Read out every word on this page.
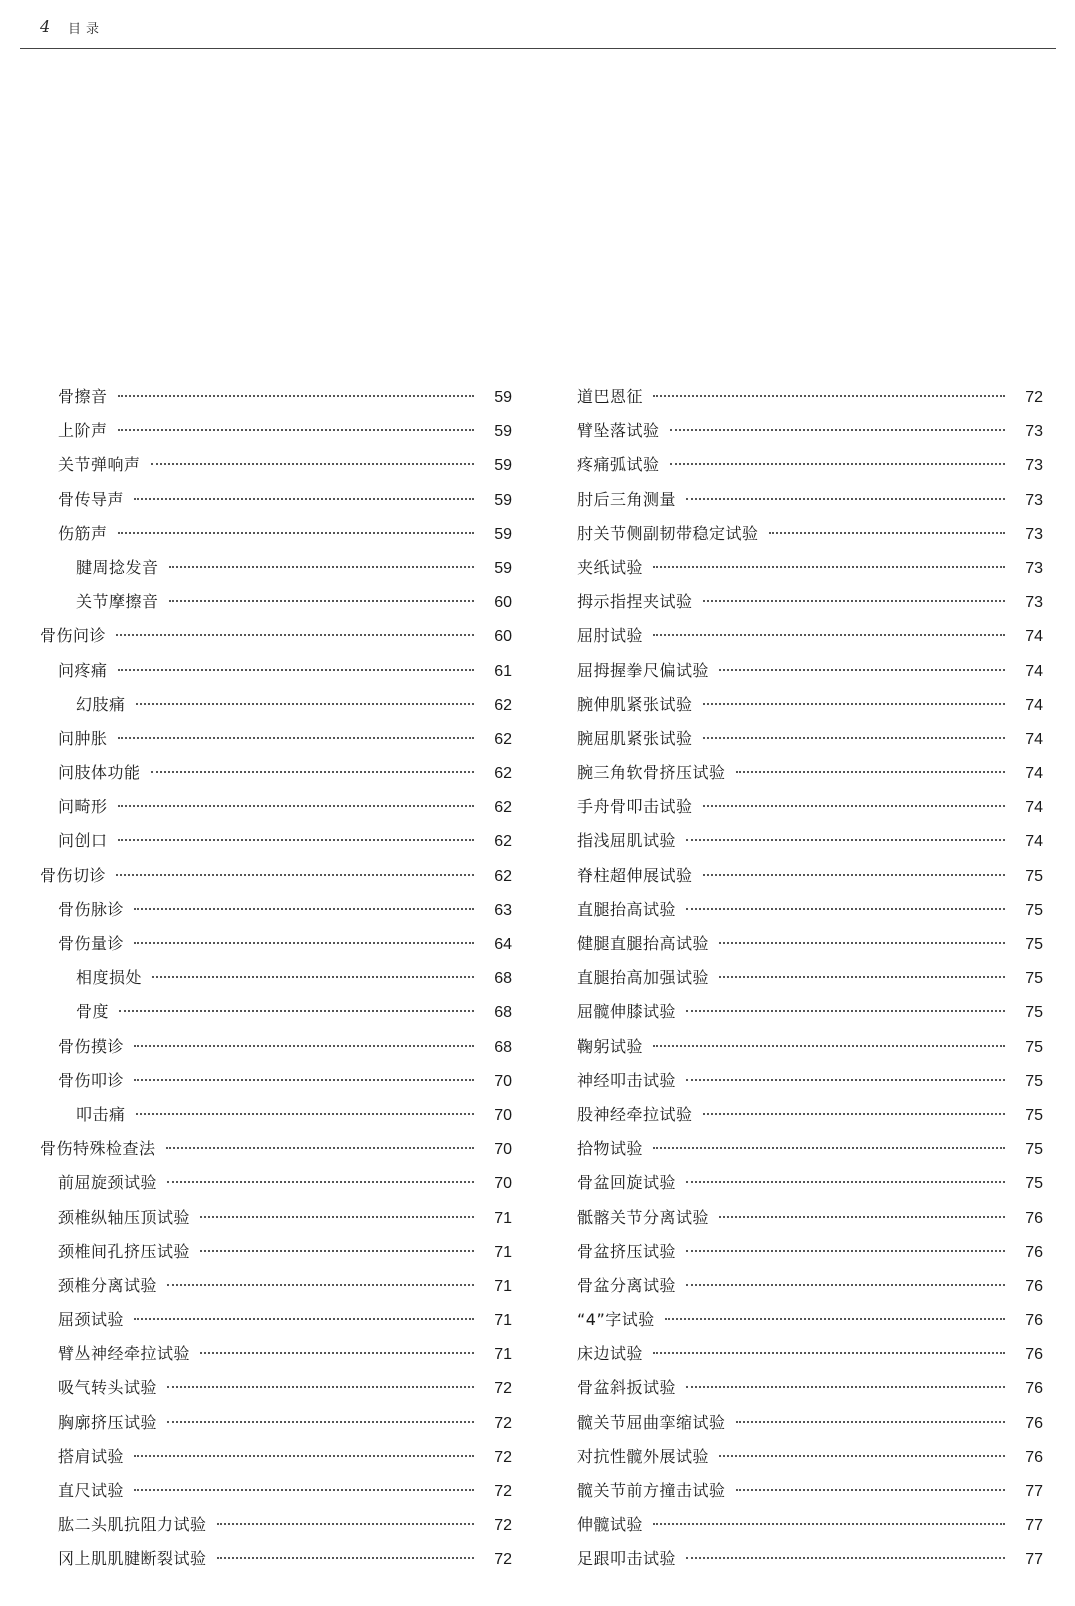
4 目录
骨擦音	59
上阶声	59
关节弹响声	59
骨传导声	59
伤筋声	59
腱周捻发音	59
关节摩擦音	60
骨伤问诊	60
问疼痛	61
幻肢痛	62
问肿胀	62
问肢体功能	62
问畸形	62
问创口	62
骨伤切诊	62
骨伤脉诊	63
骨伤量诊	64
相度损处	68
骨度	68
骨伤摸诊	68
骨伤叩诊	70
叩击痛	70
骨伤特殊检查法	70
前屈旋颈试验	70
颈椎纵轴压顶试验	71
颈椎间孔挤压试验	71
颈椎分离试验	71
屈颈试验	71
臂丛神经牵拉试验	71
吸气转头试验	72
胸廓挤压试验	72
搭肩试验	72
直尺试验	72
肱二头肌抗阻力试验	72
冈上肌肌腱断裂试验	72
道巴恩征	72
臂坠落试验	73
疼痛弧试验	73
肘后三角测量	73
肘关节侧副韧带稳定试验	73
夹纸试验	73
拇示指捏夹试验	73
屈肘试验	74
屈拇握拳尺偏试验	74
腕伸肌紧张试验	74
腕屈肌紧张试验	74
腕三角软骨挤压试验	74
手舟骨叩击试验	74
指浅屈肌试验	74
脊柱超伸展试验	75
直腿抬高试验	75
健腿直腿抬高试验	75
直腿抬高加强试验	75
屈髋伸膝试验	75
鞠躬试验	75
神经叩击试验	75
股神经牵拉试验	75
拾物试验	75
骨盆回旋试验	75
骶髂关节分离试验	76
骨盆挤压试验	76
骨盆分离试验	76
“4”字试验	76
床边试验	76
骨盆斜扳试验	76
髋关节屈曲挛缩试验	76
对抗性髋外展试验	76
髋关节前方撞击试验	77
伸髋试验	77
足跟叩击试验	77
